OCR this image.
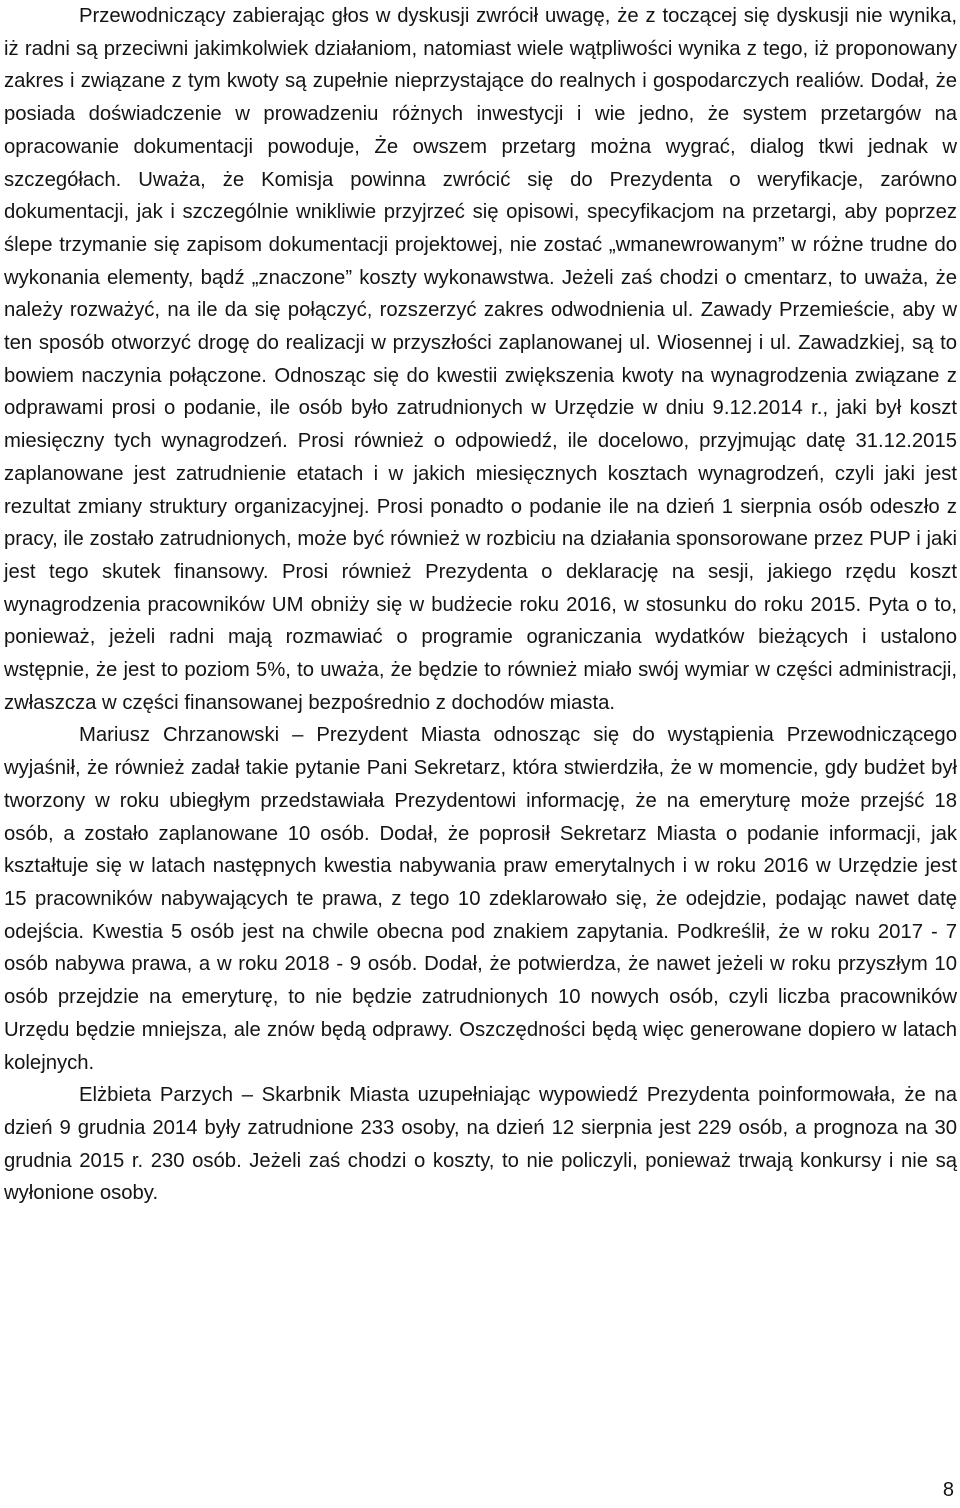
Przewodniczący zabierając głos w dyskusji zwrócił uwagę, że z toczącej się dyskusji nie wynika, iż radni są przeciwni jakimkolwiek działaniom, natomiast wiele wątpliwości wynika z tego, iż proponowany zakres i związane z tym kwoty są zupełnie nieprzystające do realnych i gospodarczych realiów. Dodał, że posiada doświadczenie w prowadzeniu różnych inwestycji i wie jedno, że system przetargów na opracowanie dokumentacji powoduje, Że owszem przetarg można wygrać, dialog tkwi jednak w szczegółach. Uważa, że Komisja powinna zwrócić się do Prezydenta o weryfikacje, zarówno dokumentacji, jak i szczególnie wnikliwie przyjrzeć się opisowi, specyfikacjom na przetargi, aby poprzez ślepe trzymanie się zapisom dokumentacji projektowej, nie zostać „wmanewrowanym” w różne trudne do wykonania elementy, bądź „znaczone” koszty wykonawstwa. Jeżeli zaś chodzi o cmentarz, to uważa, że należy rozważyć, na ile da się połączyć, rozszerzyć zakres odwodnienia ul. Zawady Przemieście, aby w ten sposób otworzyć drogę do realizacji w przyszłości zaplanowanej ul. Wiosennej i ul. Zawadzkiej, są to bowiem naczynia połączone. Odnosząc się do kwestii zwiększenia kwoty na wynagrodzenia związane z odprawami prosi o podanie, ile osób było zatrudnionych w Urzędzie w dniu 9.12.2014 r., jaki był koszt miesięczny tych wynagrodzeń. Prosi również o odpowiedź, ile docelowo, przyjmując datę 31.12.2015 zaplanowane jest zatrudnienie etatach i w jakich miesięcznych kosztach wynagrodzeń, czyli jaki jest rezultat zmiany struktury organizacyjnej. Prosi ponadto o podanie ile na dzień 1 sierpnia osób odeszło z pracy, ile zostało zatrudnionych, może być również w rozbiciu na działania sponsorowane przez PUP i jaki jest tego skutek finansowy. Prosi również Prezydenta o deklarację na sesji, jakiego rzędu koszt wynagrodzenia pracowników UM obniży się w budżecie roku 2016, w stosunku do roku 2015. Pyta o to, ponieważ, jeżeli radni mają rozmawiać o programie ograniczania wydatków bieżących i ustalono wstępnie, że jest to poziom 5%, to uważa, że będzie to również miało swój wymiar w części administracji, zwłaszcza w części finansowanej bezpośrednio z dochodów miasta.

Mariusz Chrzanowski – Prezydent Miasta odnosząc się do wystąpienia Przewodniczącego wyjaśnił, że również zadał takie pytanie Pani Sekretarz, która stwierdziła, że w momencie, gdy budżet był tworzony w roku ubiegłym przedstawiała Prezydentowi informację, że na emeryturę może przejść 18 osób, a zostało zaplanowane 10 osób. Dodał, że poprosił Sekretarz Miasta o podanie informacji, jak kształtuje się w latach następnych kwestia nabywania praw emerytalnych i w roku 2016 w Urzędzie jest 15 pracowników nabywających te prawa, z tego 10 zdeklarowało się, że odejdzie, podając nawet datę odejścia. Kwestia 5 osób jest na chwile obecna pod znakiem zapytania. Podkreślił, że w roku 2017 - 7 osób nabywa prawa, a w roku 2018 - 9 osób. Dodał, że potwierdza, że nawet jeżeli w roku przyszłym 10 osób przejdzie na emeryturę, to nie będzie zatrudnionych 10 nowych osób, czyli liczba pracowników Urzędu będzie mniejsza, ale znów będą odprawy. Oszczędności będą więc generowane dopiero w latach kolejnych.

Elżbieta Parzych – Skarbnik Miasta uzupełniając wypowiedź Prezydenta poinformowała, że na dzień 9 grudnia 2014 były zatrudnione 233 osoby, na dzień 12 sierpnia jest 229 osób, a prognoza na 30 grudnia 2015 r. 230 osób. Jeżeli zaś chodzi o koszty, to nie policzyli, ponieważ trwają konkursy i nie są wyłonione osoby.

8
